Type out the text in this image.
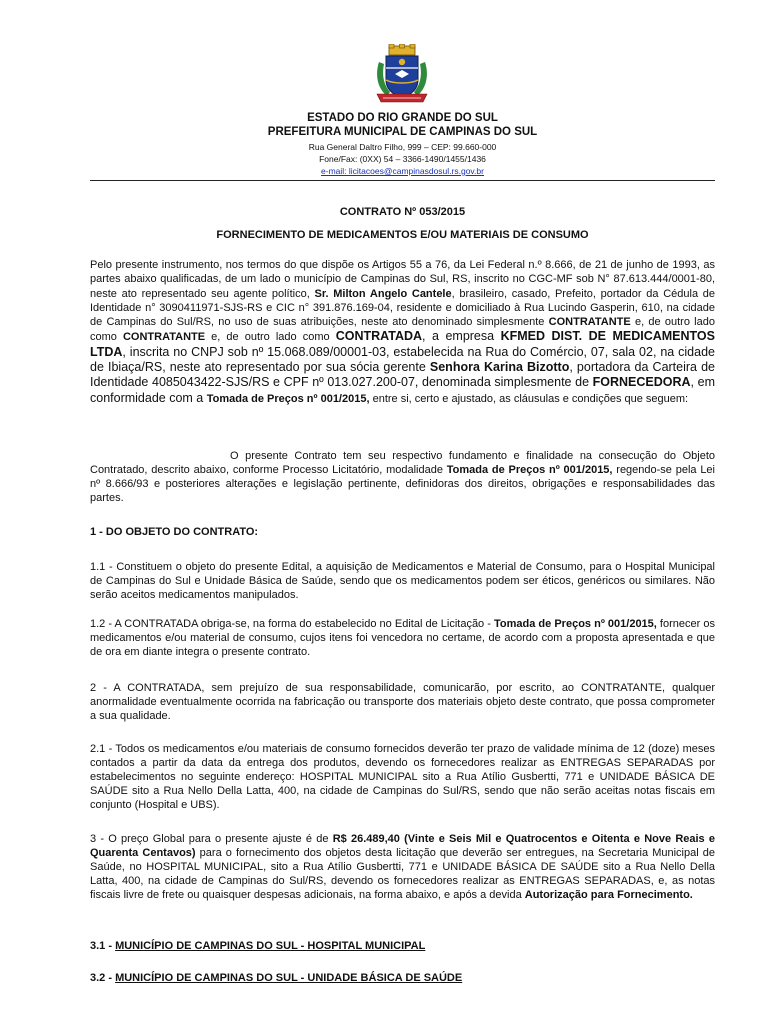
ESTADO DO RIO GRANDE DO SUL

PREFEITURA MUNICIPAL DE CAMPINAS DO SUL

Rua General Daltro Filho, 999 – CEP: 99.660-000

Fone/Fax: (0XX) 54 – 3366-1490/1455/1436

e-mail: licitacoes@campinasdosul.rs.gov.br

CONTRATO Nº 053/2015

FORNECIMENTO DE MEDICAMENTOS E/OU MATERIAIS DE CONSUMO

Pelo presente instrumento, nos termos do que dispõe os Artigos 55 a 76, da Lei Federal n.º 8.666, de 21 de junho de 1993, as partes abaixo qualificadas, de um lado o município de Campinas do Sul, RS, inscrito no CGC-MF sob N° 87.613.444/0001-80, neste ato representado seu agente político, Sr. Milton Angelo Cantele, brasileiro, casado, Prefeito, portador da Cédula de Identidade n° 3090411971-SJS-RS e CIC n° 391.876.169-04, residente e domiciliado à Rua Lucindo Gasperin, 610, na cidade de Campinas do Sul/RS, no uso de suas atribuições, neste ato denominado simplesmente CONTRATANTE e, de outro lado como CONTRATANTE e, de outro lado como CONTRATADA, a empresa KFMED DIST. DE MEDICAMENTOS LTDA, inscrita no CNPJ sob nº 15.068.089/00001-03, estabelecida na Rua do Comércio, 07, sala 02, na cidade de Ibiaça/RS, neste ato representado por sua sócia gerente Senhora Karina Bizotto, portadora da Carteira de Identidade 4085043422-SJS/RS e CPF nº 013.027.200-07, denominada simplesmente de FORNECEDORA, em conformidade com a Tomada de Preços nº 001/2015, entre si, certo e ajustado, as cláusulas e condições que seguem:

O presente Contrato tem seu respectivo fundamento e finalidade na consecução do Objeto Contratado, descrito abaixo, conforme Processo Licitatório, modalidade Tomada de Preços nº 001/2015, regendo-se pela Lei nº 8.666/93 e posteriores alterações e legislação pertinente, definidoras dos direitos, obrigações e responsabilidades das partes.

1 - DO OBJETO DO CONTRATO:

1.1 - Constituem o objeto do presente Edital, a aquisição de Medicamentos e Material de Consumo, para o Hospital Municipal de Campinas do Sul e Unidade Básica de Saúde, sendo que os medicamentos podem ser éticos, genéricos ou similares. Não serão aceitos medicamentos manipulados.

1.2 - A CONTRATADA obriga-se, na forma do estabelecido no Edital de Licitação - Tomada de Preços nº 001/2015, fornecer os medicamentos e/ou material de consumo, cujos itens foi vencedora no certame, de acordo com a proposta apresentada e que de ora em diante integra o presente contrato.

2 - A CONTRATADA, sem prejuízo de sua responsabilidade, comunicarão, por escrito, ao CONTRATANTE, qualquer anormalidade eventualmente ocorrida na fabricação ou transporte dos materiais objeto deste contrato, que possa comprometer a sua qualidade.

2.1 - Todos os medicamentos e/ou materiais de consumo fornecidos deverão ter prazo de validade mínima de 12 (doze) meses contados a partir da data da entrega dos produtos, devendo os fornecedores realizar as ENTREGAS SEPARADAS por estabelecimentos no seguinte endereço: HOSPITAL MUNICIPAL sito a Rua Atílio Gusbertti, 771 e UNIDADE BÁSICA DE SAÚDE sito a Rua Nello Della Latta, 400, na cidade de Campinas do Sul/RS, sendo que não serão aceitas notas fiscais em conjunto (Hospital e UBS).

3 - O preço Global para o presente ajuste é de R$ 26.489,40 (Vinte e Seis Mil e Quatrocentos e Oitenta e Nove Reais e Quarenta Centavos) para o fornecimento dos objetos desta licitação que deverão ser entregues, na Secretaria Municipal de Saúde, no HOSPITAL MUNICIPAL, sito a Rua Atílio Gusbertti, 771 e UNIDADE BÁSICA DE SAÚDE sito a Rua Nello Della Latta, 400, na cidade de Campinas do Sul/RS, devendo os fornecedores realizar as ENTREGAS SEPARADAS, e, as notas fiscais livre de frete ou quaisquer despesas adicionais, na forma abaixo, e após a devida Autorização para Fornecimento.

3.1 - MUNICÍPIO DE CAMPINAS DO SUL - HOSPITAL MUNICIPAL

3.2 - MUNICÍPIO DE CAMPINAS DO SUL - UNIDADE BÁSICA DE SAÚDE
